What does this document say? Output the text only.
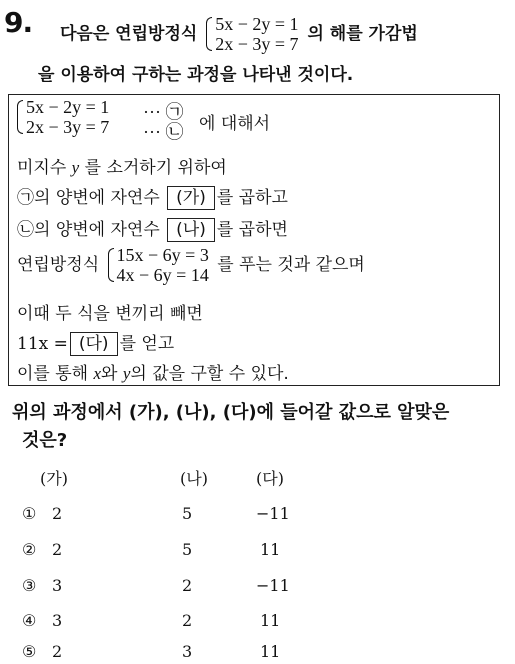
9. 다음은 연립방정식 5x − 2y = 1
2x − 3y = 7 의 해를 가감법
을 이용하여 구하는 과정을 나타낸 것이다.
5x − 2y = 1
2x − 3y = 7
··· ㉠
··· ㉡ 에 대해서
미지수 y 를 소거하기 위하여
㉠의 양변에 자연수 (가) 를 곱하고
㉡의 양변에 자연수 (나) 를 곱하면
연립방정식 15x − 6y = 3
4x − 6y = 14 를 푸는 것과 같으며
이때 두 식을 변끼리 빼면
11x = (다) 를 얻고
이를 통해 x와 y의 값을 구할 수 있다.
위의 과정에서 (가), (나), (다)에 들어갈 값으로 알맞은
것은?
(가)	(나)	(다)
① 2	5	−11
② 2	5	11
③ 3	2	−11
④ 3	2	11
⑤ 2	3	11
